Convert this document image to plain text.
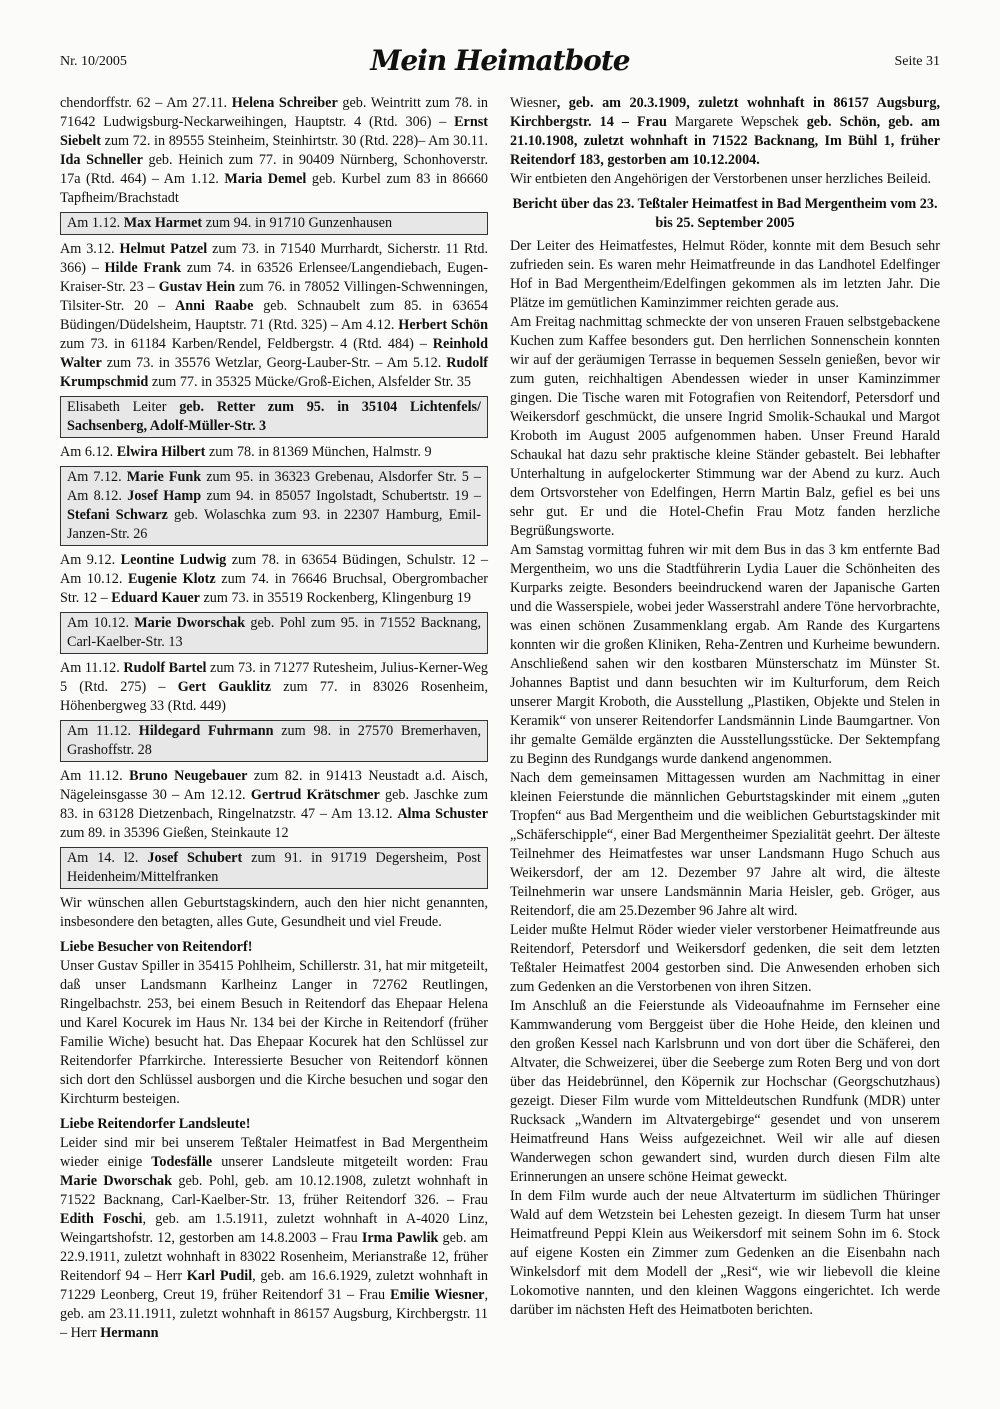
Nr. 10/2005	Mein Heimatbote	Seite 31

chendorffstr. 62 – Am 27.11. Helena Schreiber geb. Weintritt zum 78. in 71642 Ludwigsburg-Neckarweihingen, Hauptstr. 4 (Rtd. 306) – Ernst Siebelt zum 72. in 89555 Steinheim, Steinhirtstr. 30 (Rtd. 228)– Am 30.11. Ida Schneller geb. Heinich zum 77. in 90409 Nürnberg, Schonhoverstr. 17a (Rtd. 464) – Am 1.12. Maria Demel geb. Kurbel zum 83 in 86660 Tapfheim/Brachstadt

Am 1.12. Max Harmet zum 94. in 91710 Gunzenhausen

Am 3.12. Helmut Patzel zum 73. in 71540 Murrhardt, Sicherstr. 11 Rtd. 366) – Hilde Frank zum 74. in 63526 Erlensee/Langendiebach, Eugen-Kraiser-Str. 23 – Gustav Hein zum 76. in 78052 Villingen-Schwenningen, Tilsiter-Str. 20 – Anni Raabe geb. Schnaubelt zum 85. in 63654 Büdingen/Düdelsheim, Hauptstr. 71 (Rtd. 325) – Am 4.12. Herbert Schön zum 73. in 61184 Karben/Rendel, Feldbergstr. 4 (Rtd. 484) – Reinhold Walter zum 73. in 35576 Wetzlar, Georg-Lauber-Str. – Am 5.12. Rudolf Krumpschmid zum 77. in 35325 Mücke/Groß-Eichen, Alsfelder Str. 35

Elisabeth Leiter geb. Retter zum 95. in 35104 Lichtenfels/ Sachsenberg, Adolf-Müller-Str. 3

Am 6.12. Elwira Hilbert zum 78. in 81369 München, Halmstr. 9

Am 7.12. Marie Funk zum 95. in 36323 Grebenau, Alsdorfer Str. 5 – Am 8.12. Josef Hamp zum 94. in 85057 Ingolstadt, Schubertstr. 19 – Stefani Schwarz geb. Wolaschka zum 93. in 22307 Hamburg, Emil-Janzen-Str. 26

Am 9.12. Leontine Ludwig zum 78. in 63654 Büdingen, Schulstr. 12 – Am 10.12. Eugenie Klotz zum 74. in 76646 Bruchsal, Obergrombacher Str. 12 – Eduard Kauer zum 73. in 35519 Rockenberg, Klingenburg 19

Am 10.12. Marie Dworschak geb. Pohl zum 95. in 71552 Backnang, Carl-Kaelber-Str. 13

Am 11.12. Rudolf Bartel zum 73. in 71277 Rutesheim, Julius-Kerner-Weg 5 (Rtd. 275) – Gert Gauklitz zum 77. in 83026 Rosenheim, Höhenbergweg 33 (Rtd. 449)

Am 11.12. Hildegard Fuhrmann zum 98. in 27570 Bremerhaven, Grashoffstr. 28

Am 11.12. Bruno Neugebauer zum 82. in 91413 Neustadt a.d. Aisch, Nägeleinsgasse 30 – Am 12.12. Gertrud Krätschmer geb. Jaschke zum 83. in 63128 Dietzenbach, Ringelnatzstr. 47 – Am 13.12. Alma Schuster zum 89. in 35396 Gießen, Steinkaute 12

Am 14. l2. Josef Schubert zum 91. in 91719 Degersheim, Post Heidenheim/Mittelfranken

Wir wünschen allen Geburtstagskindern, auch den hier nicht genannten, insbesondere den betagten, alles Gute, Gesundheit und viel Freude.

Liebe Besucher von Reitendorf!

Unser Gustav Spiller in 35415 Pohlheim, Schillerstr. 31, hat mir mitgeteilt, daß unser Landsmann Karlheinz Langer in 72762 Reutlingen, Ringelbachstr. 253, bei einem Besuch in Reitendorf das Ehepaar Helena und Karel Kocurek im Haus Nr. 134 bei der Kirche in Reitendorf (früher Familie Wiche) besucht hat. Das Ehepaar Kocurek hat den Schlüssel zur Reitendorfer Pfarrkirche. Interessierte Besucher von Reitendorf können sich dort den Schlüssel ausborgen und die Kirche besuchen und sogar den Kirchturm besteigen.

Liebe Reitendorfer Landsleute!

Leider sind mir bei unserem Teßtaler Heimatfest in Bad Mergentheim wieder einige Todesfälle unserer Landsleute mitgeteilt worden: Frau Marie Dworschak geb. Pohl, geb. am 10.12.1908, zuletzt wohnhaft in 71522 Backnang, Carl-Kaelber-Str. 13, früher Reitendorf 326. – Frau Edith Foschi, geb. am 1.5.1911, zuletzt wohnhaft in A-4020 Linz, Weingartshofstr. 12, gestorben am 14.8.2003 – Frau Irma Pawlik geb. am 22.9.1911, zuletzt wohnhaft in 83022 Rosenheim, Merianstraße 12, früher Reitendorf 94 – Herr Karl Pudil, geb. am 16.6.1929, zuletzt wohnhaft in 71229 Leonberg, Creut 19, früher Reitendorf 31 – Frau Emilie Wiesner, geb. am 23.11.1911, zuletzt wohnhaft in 86157 Augsburg, Kirchbergstr. 11 – Herr Hermann

Wiesner, geb. am 20.3.1909, zuletzt wohnhaft in 86157 Augsburg, Kirchbergstr. 14 – Frau Margarete Wepschek geb. Schön, geb. am 21.10.1908, zuletzt wohnhaft in 71522 Backnang, Im Bühl 1, früher Reitendorf 183, gestorben am 10.12.2004.

Wir entbieten den Angehörigen der Verstorbenen unser herzliches Beileid.

Bericht über das 23. Teßtaler Heimatfest in Bad Mergentheim vom 23. bis 25. September 2005

Der Leiter des Heimatfestes, Helmut Röder, konnte mit dem Besuch sehr zufrieden sein. Es waren mehr Heimatfreunde in das Landhotel Edelfinger Hof in Bad Mergentheim/Edelfingen gekommen als im letzten Jahr. Die Plätze im gemütlichen Kaminzimmer reichten gerade aus.

Am Freitag nachmittag schmeckte der von unseren Frauen selbstgebackene Kuchen zum Kaffee besonders gut. Den herrlichen Sonnenschein konnten wir auf der geräumigen Terrasse in bequemen Sesseln genießen, bevor wir zum guten, reichhaltigen Abendessen wieder in unser Kaminzimmer gingen. Die Tische waren mit Fotografien von Reitendorf, Petersdorf und Weikersdorf geschmückt, die unsere Ingrid Smolik-Schaukal und Margot Kroboth im August 2005 aufgenommen haben. Unser Freund Harald Schaukal hat dazu sehr praktische kleine Ständer gebastelt. Bei lebhafter Unterhaltung in aufgelockerter Stimmung war der Abend zu kurz. Auch dem Ortsvorsteher von Edelfingen, Herrn Martin Balz, gefiel es bei uns sehr gut. Er und die Hotel-Chefin Frau Motz fanden herzliche Begrüßungsworte.

Am Samstag vormittag fuhren wir mit dem Bus in das 3 km entfernte Bad Mergentheim, wo uns die Stadtführerin Lydia Lauer die Schönheiten des Kurparks zeigte. Besonders beeindruckend waren der Japanische Garten und die Wasserspiele, wobei jeder Wasserstrahl andere Töne hervorbrachte, was einen schönen Zusammenklang ergab. Am Rande des Kurgartens konnten wir die großen Kliniken, Reha-Zentren und Kurheime bewundern. Anschließend sahen wir den kostbaren Münsterschatz im Münster St. Johannes Baptist und dann besuchten wir im Kulturforum, dem Reich unserer Margit Kroboth, die Ausstellung „Plastiken, Objekte und Stelen in Keramik“ von unserer Reitendorfer Landsmännin Linde Baumgartner. Von ihr gemalte Gemälde ergänzten die Ausstellungsstücke. Der Sektempfang zu Beginn des Rundgangs wurde dankend angenommen.

Nach dem gemeinsamen Mittagessen wurden am Nachmittag in einer kleinen Feierstunde die männlichen Geburtstagskinder mit einem „guten Tropfen“ aus Bad Mergentheim und die weiblichen Geburtstagskinder mit „Schäferschipple“, einer Bad Mergentheimer Spezialität geehrt. Der älteste Teilnehmer des Heimatfestes war unser Landsmann Hugo Schuch aus Weikersdorf, der am 12. Dezember 97 Jahre alt wird, die älteste Teilnehmerin war unsere Landsmännin Maria Heisler, geb. Gröger, aus Reitendorf, die am 25.Dezember 96 Jahre alt wird.

Leider mußte Helmut Röder wieder vieler verstorbener Heimatfreunde aus Reitendorf, Petersdorf und Weikersdorf gedenken, die seit dem letzten Teßtaler Heimatfest 2004 gestorben sind. Die Anwesenden erhoben sich zum Gedenken an die Verstorbenen von ihren Sitzen.

Im Anschluß an die Feierstunde als Videoaufnahme im Fernseher eine Kammwanderung vom Berggeist über die Hohe Heide, den kleinen und den großen Kessel nach Karlsbrunn und von dort über die Schäferei, den Altvater, die Schweizerei, über die Seeberge zum Roten Berg und von dort über das Heidebrünnel, den Köpernik zur Hochschar (Georgschutzhaus) gezeigt. Dieser Film wurde vom Mitteldeutschen Rundfunk (MDR) unter Rucksack „Wandern im Altvatergebirge“ gesendet und von unserem Heimatfreund Hans Weiss aufgezeichnet. Weil wir alle auf diesen Wanderwegen schon gewandert sind, wurden durch diesen Film alte Erinnerungen an unsere schöne Heimat geweckt.

In dem Film wurde auch der neue Altvaterturm im südlichen Thüringer Wald auf dem Wetzstein bei Lehesten gezeigt. In diesem Turm hat unser Heimatfreund Peppi Klein aus Weikersdorf mit seinem Sohn im 6. Stock auf eigene Kosten ein Zimmer zum Gedenken an die Eisenbahn nach Winkelsdorf mit dem Modell der „Resi“, wie wir liebevoll die kleine Lokomotive nannten, und den kleinen Waggons eingerichtet. Ich werde darüber im nächsten Heft des Heimatboten berichten.
